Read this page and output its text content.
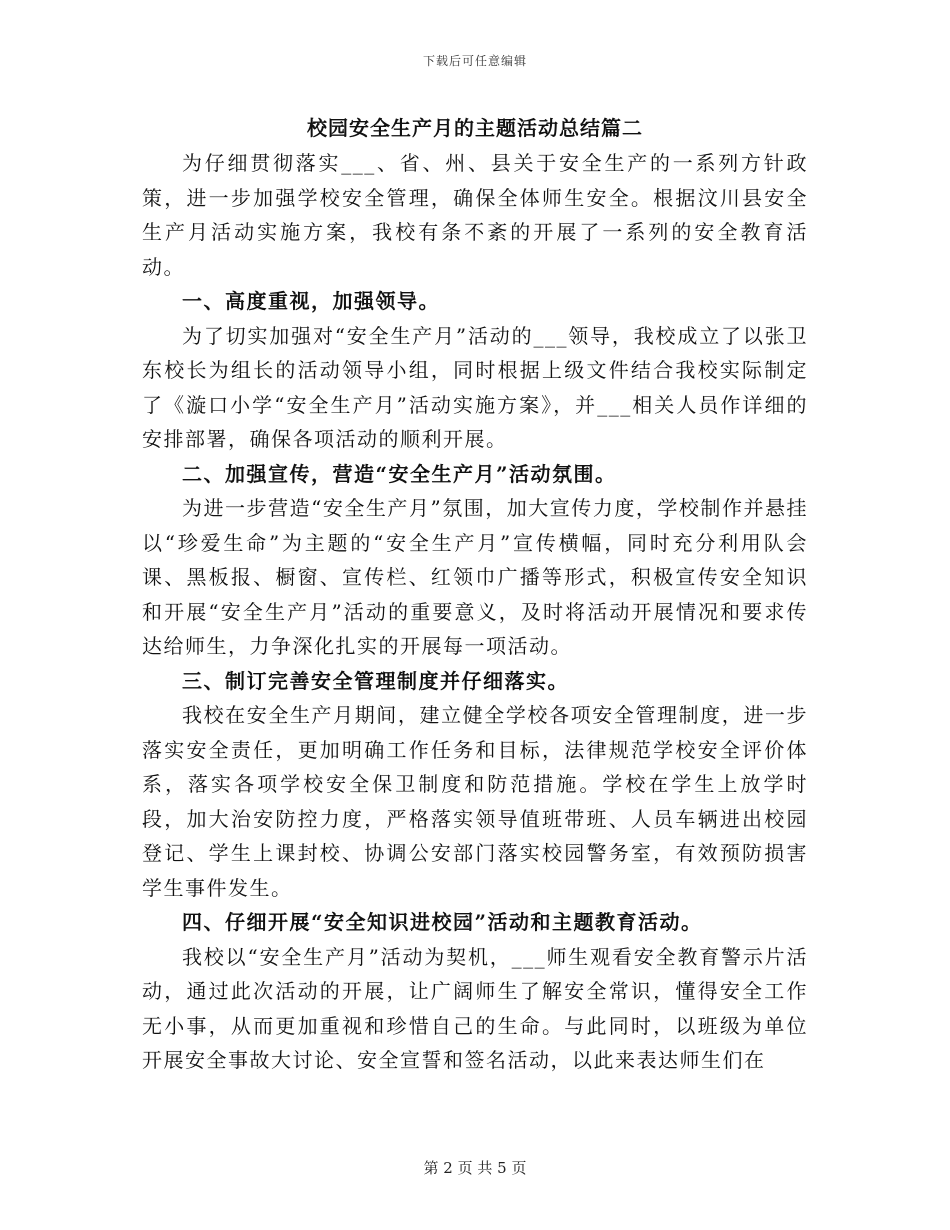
下载后可任意编辑
校园安全生产月的主题活动总结篇二

为仔细贯彻落实___、省、州、县关于安全生产的一系列方针政策，进一步加强学校安全管理，确保全体师生安全。根据汶川县安全生产月活动实施方案，我校有条不紊的开展了一系列的安全教育活动。

一、高度重视，加强领导。

为了切实加强对“安全生产月”活动的___领导，我校成立了以张卫东校长为组长的活动领导小组，同时根据上级文件结合我校实际制定了《漩口小学“安全生产月”活动实施方案》，并___相关人员作详细的安排部署，确保各项活动的顺利开展。

二、加强宣传，营造“安全生产月”活动氛围。

为进一步营造“安全生产月”氛围，加大宣传力度，学校制作并悬挂以“珍爱生命”为主题的“安全生产月”宣传横幅，同时充分利用队会课、黑板报、橱窗、宣传栏、红领巾广播等形式，积极宣传安全知识和开展“安全生产月”活动的重要意义，及时将活动开展情况和要求传达给师生，力争深化扎实的开展每一项活动。

三、制订完善安全管理制度并仔细落实。

我校在安全生产月期间，建立健全学校各项安全管理制度，进一步落实安全责任，更加明确工作任务和目标，法律规范学校安全评价体系，落实各项学校安全保卫制度和防范措施。学校在学生上放学时段，加大治安防控力度，严格落实领导值班带班、人员车辆进出校园登记、学生上课封校、协调公安部门落实校园警务室，有效预防损害学生事件发生。

四、仔细开展“安全知识进校园”活动和主题教育活动。

我校以“安全生产月”活动为契机，___师生观看安全教育警示片活动，通过此次活动的开展，让广阔师生了解安全常识，懂得安全工作无小事，从而更加重视和珍惜自己的生命。与此同时，以班级为单位开展安全事故大讨论、安全宣誓和签名活动，以此来表达师生们在

第 2 页 共 5 页
